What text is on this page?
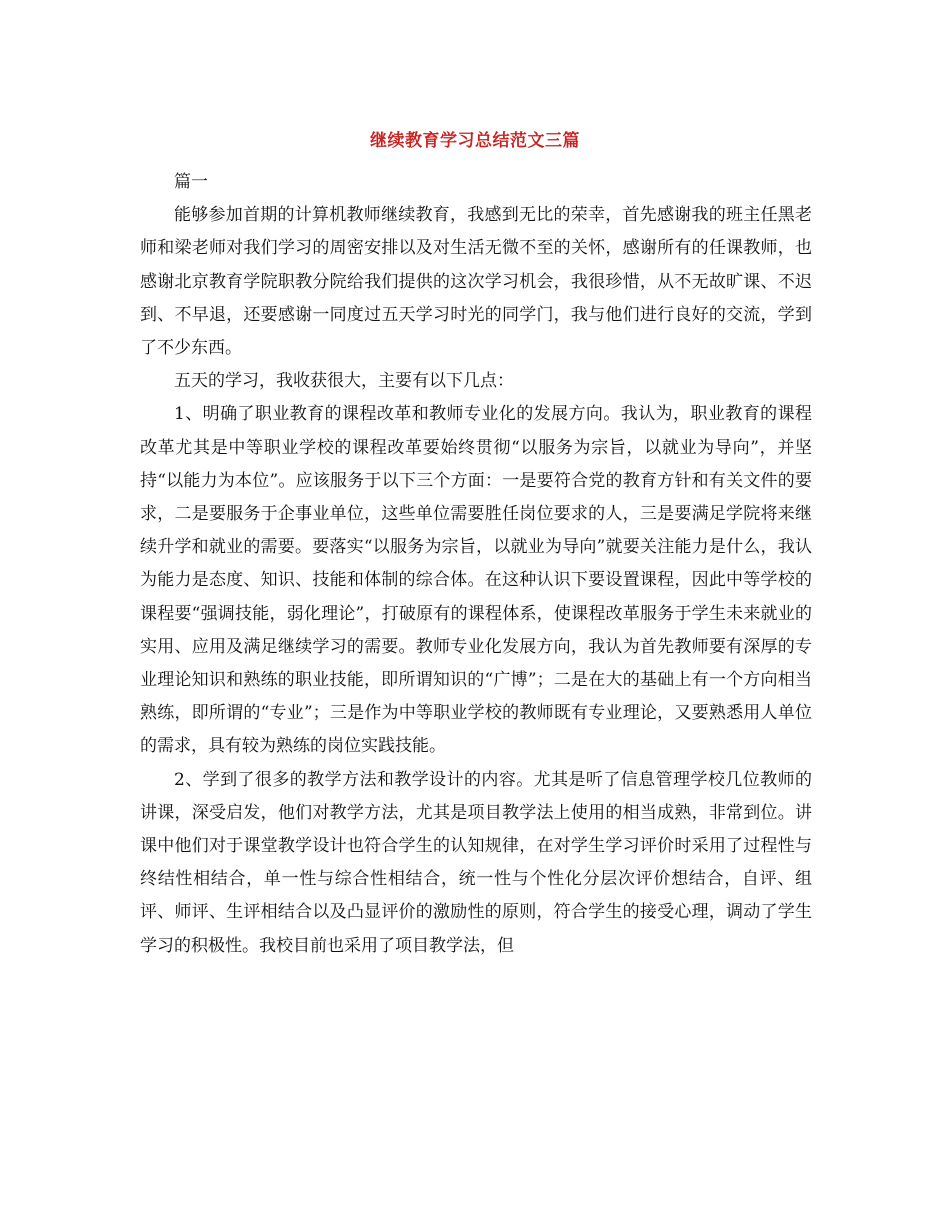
继续教育学习总结范文三篇

篇一

能够参加首期的计算机教师继续教育，我感到无比的荣幸，首先感谢我的班主任黑老师和梁老师对我们学习的周密安排以及对生活无微不至的关怀，感谢所有的任课教师，也感谢北京教育学院职教分院给我们提供的这次学习机会，我很珍惜，从不无故旷课、不迟到、不早退，还要感谢一同度过五天学习时光的同学门，我与他们进行良好的交流，学到了不少东西。

五天的学习，我收获很大，主要有以下几点：

1、明确了职业教育的课程改革和教师专业化的发展方向。我认为，职业教育的课程改革尤其是中等职业学校的课程改革要始终贯彻“以服务为宗旨，以就业为导向”，并坚持“以能力为本位”。应该服务于以下三个方面：一是要符合党的教育方针和有关文件的要求，二是要服务于企事业单位，这些单位需要胜任岗位要求的人，三是要满足学院将来继续升学和就业的需要。要落实“以服务为宗旨，以就业为导向”就要关注能力是什么，我认为能力是态度、知识、技能和体制的综合体。在这种认识下要设置课程，因此中等学校的课程要“强调技能，弱化理论”，打破原有的课程体系，使课程改革服务于学生未来就业的实用、应用及满足继续学习的需要。教师专业化发展方向，我认为首先教师要有深厚的专业理论知识和熟练的职业技能，即所谓知识的“广博”；二是在大的基础上有一个方向相当熟练，即所谓的“专业”；三是作为中等职业学校的教师既有专业理论，又要熟悉用人单位的需求，具有较为熟练的岗位实践技能。

2、学到了很多的教学方法和教学设计的内容。尤其是听了信息管理学校几位教师的讲课，深受启发，他们对教学方法，尤其是项目教学法上使用的相当成熟，非常到位。讲课中他们对于课堂教学设计也符合学生的认知规律，在对学生学习评价时采用了过程性与终结性相结合，单一性与综合性相结合，统一性与个性化分层次评价想结合，自评、组评、师评、生评相结合以及凸显评价的激励性的原则，符合学生的接受心理，调动了学生学习的积极性。我校目前也采用了项目教学法，但
